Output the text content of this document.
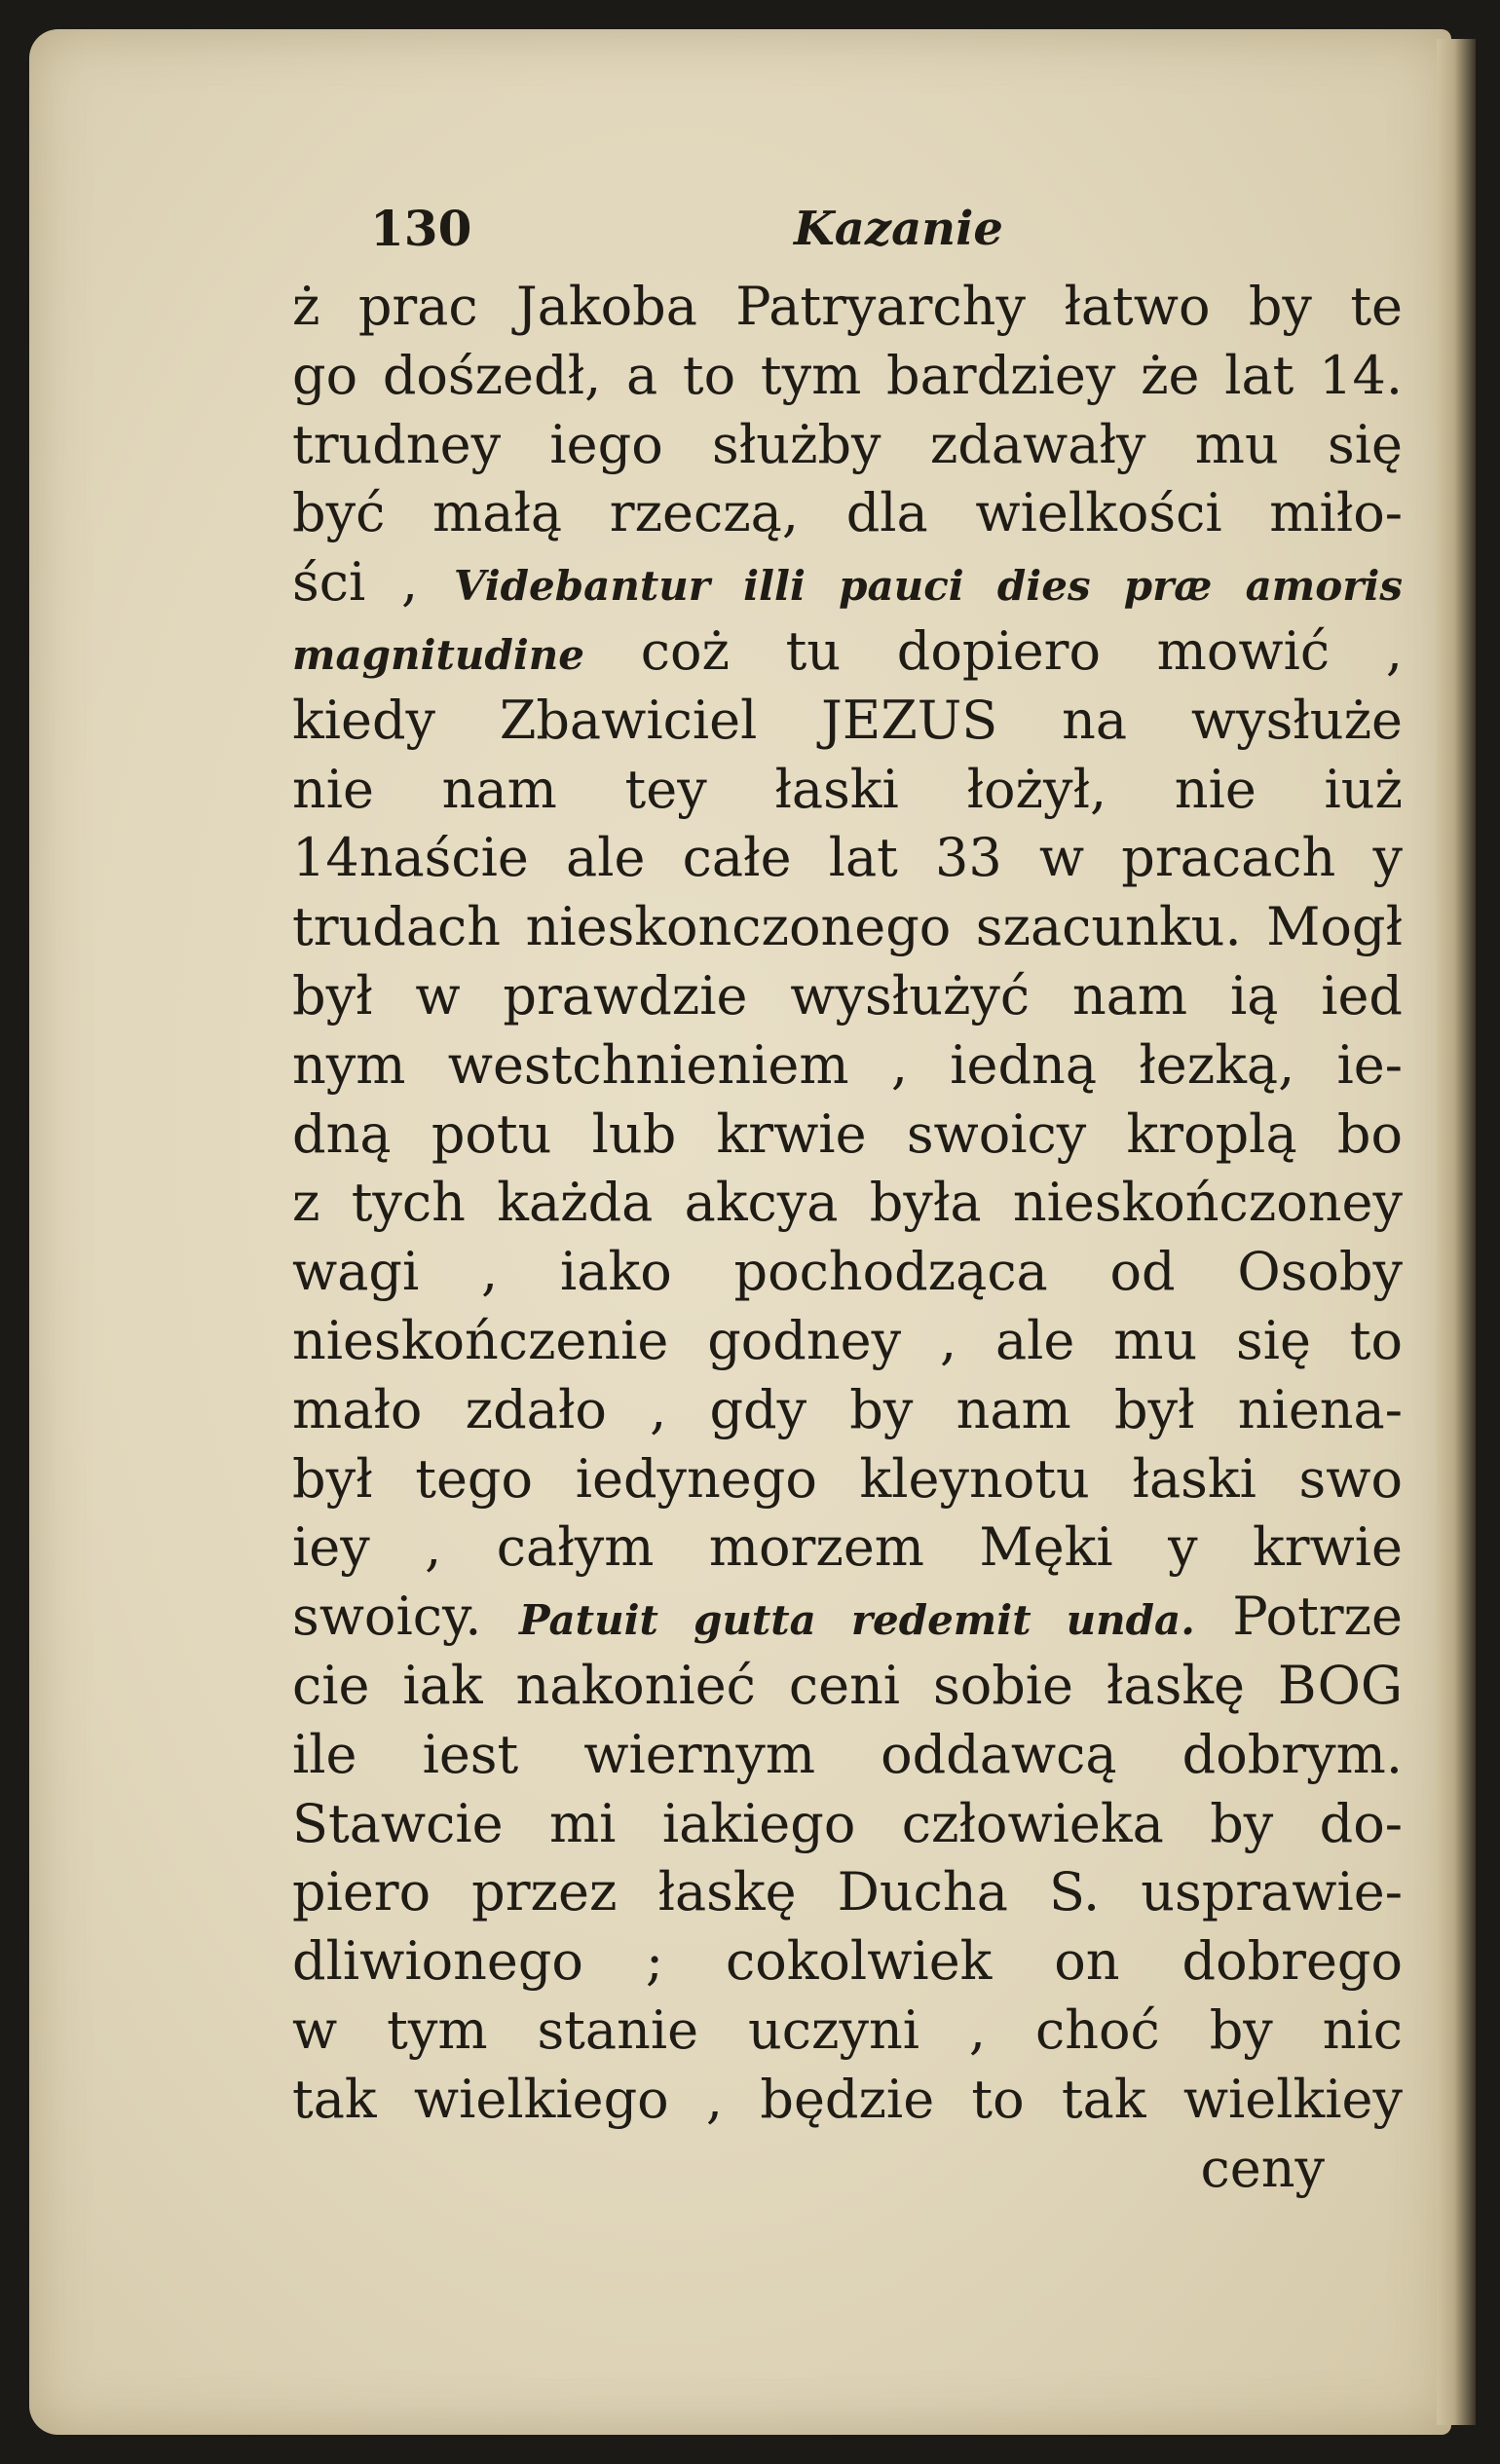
130	Kazanie
ż prac Jakoba Patryarchy łatwo by te
go dośzedł, a to tym bardziey że lat 14.
trudney iego służby zdawały mu się
być małą rzeczą, dla wielkości miło-
ści , Videbantur illi pauci dies præ amoris
magnitudine coż tu dopiero mowić ,
kiedy Zbawiciel JEZUS na wysłuże
nie nam tey łaski łożył, nie iuż
14naście ale całe lat 33 w pracach y
trudach nieskonczonego szacunku. Mogł
był w prawdzie wysłużyć nam ią ied
nym westchnieniem , iedną łezką, ie-
dną potu lub krwie swoicy kroplą bo
z tych każda akcya była nieskończoney
wagi , iako pochodząca od Osoby
nieskończenie godney , ale mu się to
mało zdało , gdy by nam był niena-
był tego iedynego kleynotu łaski swo
iey , całym morzem Męki y krwie
swoicy. Patuit gutta redemit unda. Potrze
cie iak nakonieć ceni sobie łaskę BOG
ile iest wiernym oddawcą dobrym.
Stawcie mi iakiego człowieka by do-
piero przez łaskę Ducha S. usprawie-
dliwionego ; cokolwiek on dobrego
w tym stanie uczyni , choć by nic
tak wielkiego , będzie to tak wielkiey
ceny
